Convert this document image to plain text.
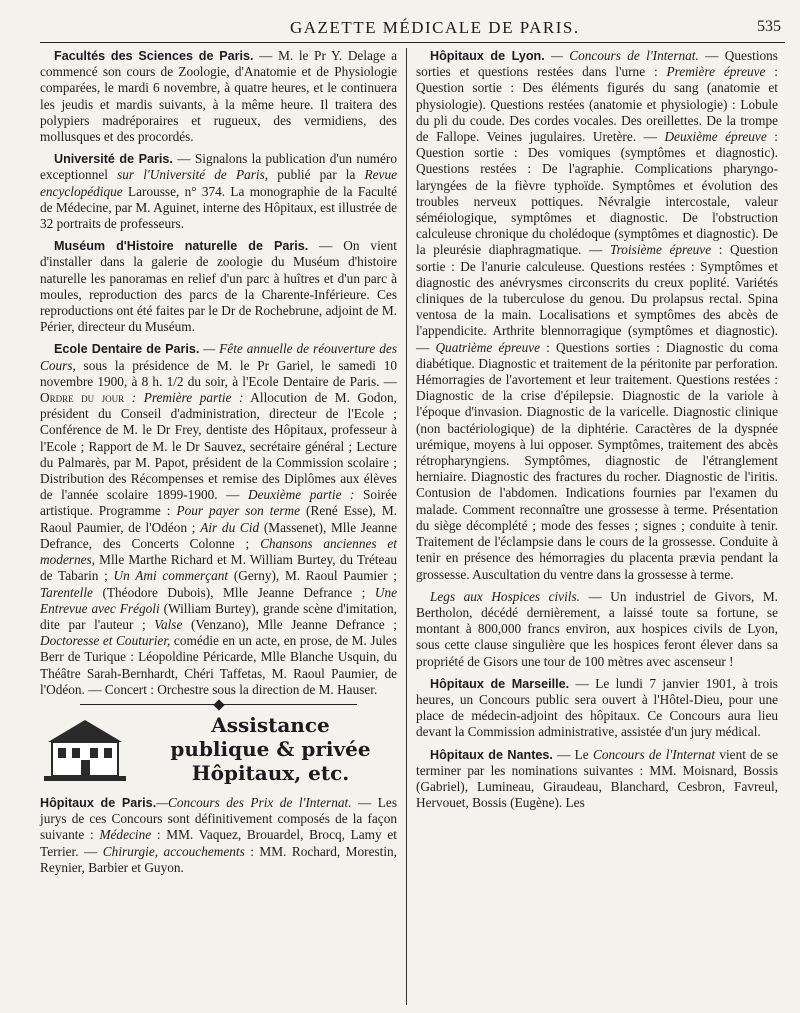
GAZETTE MÉDICALE DE PARIS.	535

Facultés des Sciences de Paris. — M. le Pr Y. Delage a commencé son cours de Zoologie, d'Anatomie et de Physiologie comparées, le mardi 6 novembre, à quatre heures, et le continuera les jeudis et mardis suivants, à la même heure. Il traitera des polypiers madréporaires et rugueux, des vermidiens, des mollusques et des procordés.

Université de Paris. — Signalons la publication d'un numéro exceptionnel sur l'Université de Paris, publié par la Revue encyclopédique Larousse, n° 374. La monographie de la Faculté de Médecine, par M. Aguinet, interne des Hôpitaux, est illustrée de 32 portraits de professeurs.

Muséum d'Histoire naturelle de Paris. — On vient d'installer dans la galerie de zoologie du Muséum d'histoire naturelle les panoramas en relief d'un parc à huîtres et d'un parc à moules, reproduction des parcs de la Charente-Inférieure. Ces reproductions ont été faites par le Dr de Rochebrune, adjoint de M. Périer, directeur du Muséum.

Ecole Dentaire de Paris. — Fête annuelle de réouverture des Cours, sous la présidence de M. le Pr Gariel, le samedi 10 novembre 1900, à 8 h. 1/2 du soir, à l'Ecole Dentaire de Paris. — Ordre du jour : Première partie : Allocution de M. Godon, président du Conseil d'administration, directeur de l'Ecole ; Conférence de M. le Dr Frey, dentiste des Hôpitaux, professeur à l'Ecole ; Rapport de M. le Dr Sauvez, secrétaire général ; Lecture du Palmarès, par M. Papot, président de la Commission scolaire ; Distribution des Récompenses et remise des Diplômes aux élèves de l'année scolaire 1899-1900. — Deuxième partie : Soirée artistique. Programme : Pour payer son terme (René Esse), M. Raoul Paumier, de l'Odéon ; Air du Cid (Massenet), Mlle Jeanne Defrance, des Concerts Colonne ; Chansons anciennes et modernes, Mlle Marthe Richard et M. William Burtey, du Tréteau de Tabarin ; Un Ami commerçant (Gerny), M. Raoul Paumier ; Tarentelle (Théodore Dubois), Mlle Jeanne Defrance ; Une Entrevue avec Frégoli (William Burtey), grande scène d'imitation, dite par l'auteur ; Valse (Venzano), Mlle Jeanne Defrance ; Doctoresse et Couturier, comédie en un acte, en prose, de M. Jules Berr de Turique : Léopoldine Péricarde, Mlle Blanche Usquin, du Théâtre Sarah-Bernhardt, Chéri Taffetas, M. Raoul Paumier, de l'Odéon. — Concert : Orchestre sous la direction de M. Hauser.

Assistance
publique & privée
Hôpitaux, etc.

Hôpitaux de Paris.—Concours des Prix de l'Internat. — Les jurys de ces Concours sont définitivement composés de la façon suivante : Médecine : MM. Vaquez, Brouardel, Brocq, Lamy et Terrier. — Chirurgie, accouchements : MM. Rochard, Morestin, Reynier, Barbier et Guyon.

Hôpitaux de Lyon. — Concours de l'Internat. — Questions sorties et questions restées dans l'urne : Première épreuve : Question sortie : Des éléments figurés du sang (anatomie et physiologie). Questions restées (anatomie et physiologie) : Lobule du pli du coude. Des cordes vocales. Des oreillettes. De la trompe de Fallope. Veines jugulaires. Uretère. — Deuxième épreuve : Question sortie : Des vomiques (symptômes et diagnostic). Questions restées : De l'agraphie. Complications pharyngo-laryngées de la fièvre typhoïde. Symptômes et évolution des troubles nerveux pottiques. Névralgie intercostale, valeur séméiologique, symptômes et diagnostic. De l'obstruction calculeuse chronique du cholédoque (symptômes et diagnostic). De la pleurésie diaphragmatique. — Troisième épreuve : Question sortie : De l'anurie calculeuse. Questions restées : Symptômes et diagnostic des anévrysmes circonscrits du creux poplité. Variétés cliniques de la tuberculose du genou. Du prolapsus rectal. Spina ventosa de la main. Localisations et symptômes des abcès de l'appendicite. Arthrite blennorragique (symptômes et diagnostic). — Quatrième épreuve : Questions sorties : Diagnostic du coma diabétique. Diagnostic et traitement de la péritonite par perforation. Hémorragies de l'avortement et leur traitement. Questions restées : Diagnostic de la crise d'épilepsie. Diagnostic de la variole à l'époque d'invasion. Diagnostic de la varicelle. Diagnostic clinique (non bactériologique) de la diphtérie. Caractères de la dyspnée urémique, moyens à lui opposer. Symptômes, traitement des abcès rétropharyngiens. Symptômes, diagnostic de l'étranglement herniaire. Diagnostic des fractures du rocher. Diagnostic de l'iritis. Contusion de l'abdomen. Indications fournies par l'examen du malade. Comment reconnaître une grossesse à terme. Présentation du siège décomplété ; mode des fesses ; signes ; conduite à tenir. Traitement de l'éclampsie dans le cours de la grossesse. Conduite à tenir en présence des hémorragies du placenta prævia pendant la grossesse. Auscultation du ventre dans la grossesse à terme.

Legs aux Hospices civils. — Un industriel de Givors, M. Bertholon, décédé dernièrement, a laissé toute sa fortune, se montant à 800,000 francs environ, aux hospices civils de Lyon, sous cette clause singulière que les hospices feront élever dans sa propriété de Gisors une tour de 100 mètres avec ascenseur !

Hôpitaux de Marseille. — Le lundi 7 janvier 1901, à trois heures, un Concours public sera ouvert à l'Hôtel-Dieu, pour une place de médecin-adjoint des hôpitaux. Ce Concours aura lieu devant la Commission administrative, assistée d'un jury médical.

Hôpitaux de Nantes. — Le Concours de l'Internat vient de se terminer par les nominations suivantes : MM. Moisnard, Bossis (Gabriel), Lumineau, Giraudeau, Blanchard, Cesbron, Favreul, Hervouet, Bossis (Eugène). Les
